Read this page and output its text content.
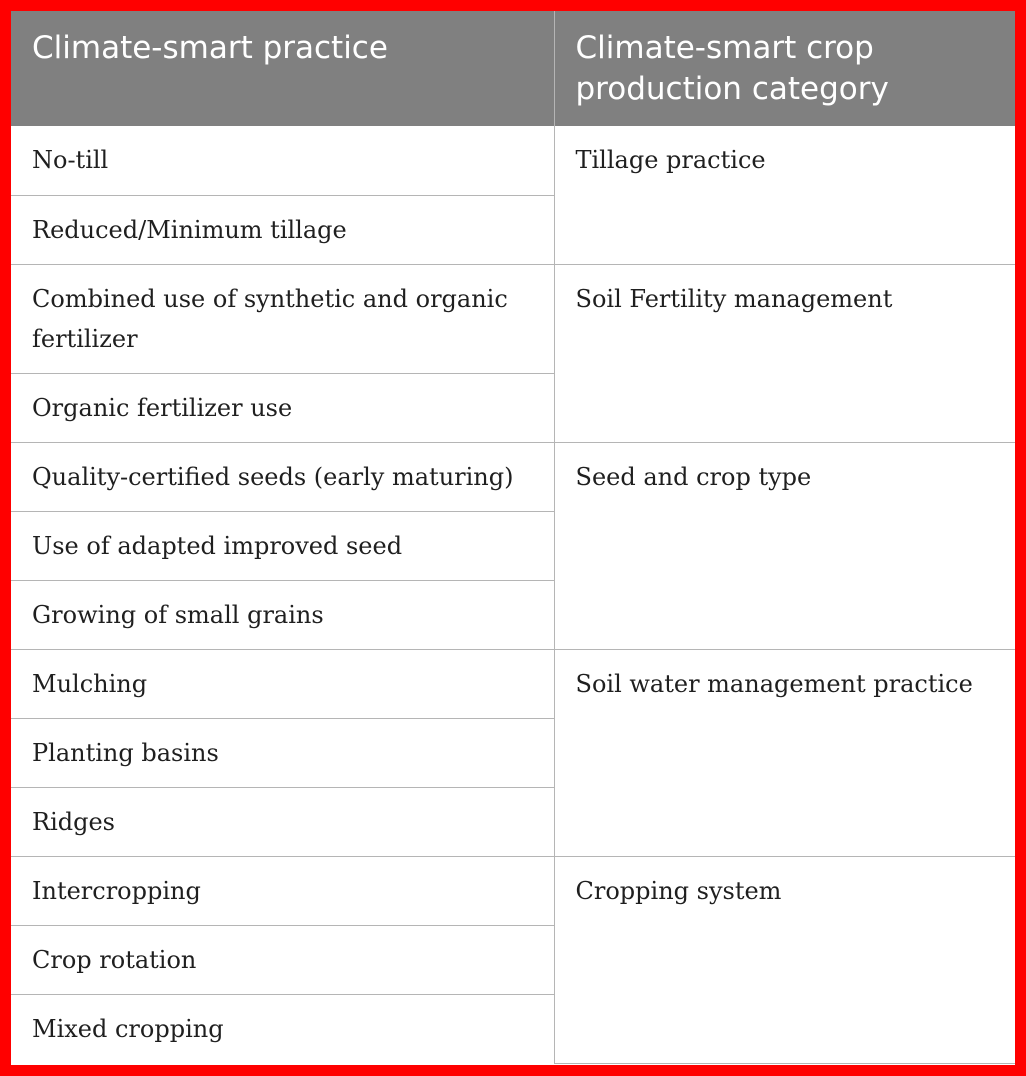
Climate-smart practice	Climate-smart crop production category
No-till	Tillage practice
Reduced/Minimum tillage	
Combined use of synthetic and organic fertilizer	Soil Fertility management
Organic fertilizer use	
Quality-certified seeds (early maturing)	Seed and crop type
Use of adapted improved seed	
Growing of small grains	
Mulching	Soil water management practice
Planting basins	
Ridges	
Intercropping	Cropping system
Crop rotation	
Mixed cropping	
